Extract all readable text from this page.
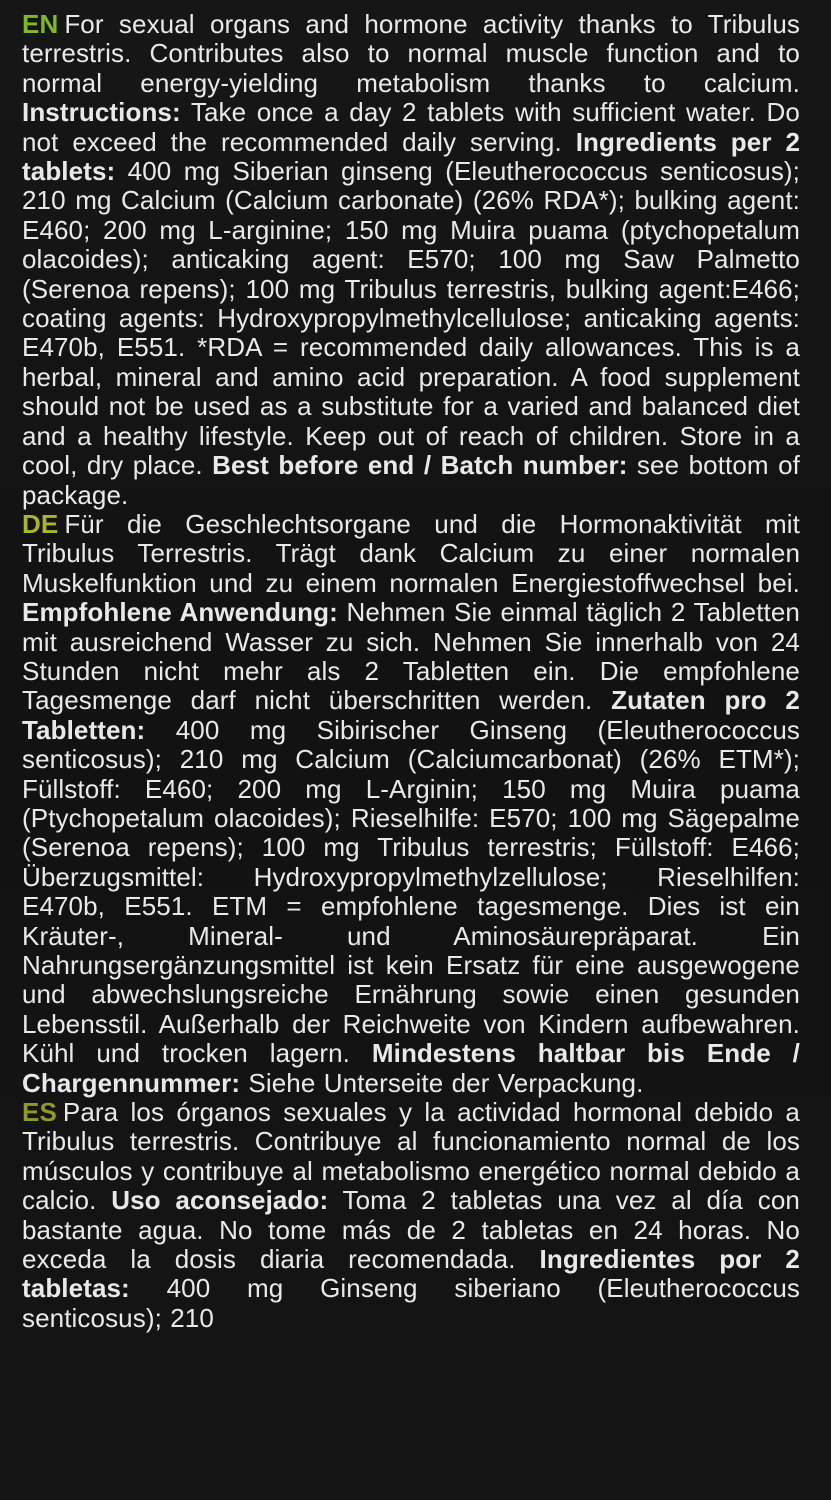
EN For sexual organs and hormone activity thanks to Tribulus terrestris. Contributes also to normal muscle function and to normal energy-yielding metabolism thanks to calcium. Instructions: Take once a day 2 tablets with sufficient water. Do not exceed the recommended daily serving. Ingredients per 2 tablets: 400 mg Siberian ginseng (Eleutherococcus senticosus); 210 mg Calcium (Calcium carbonate) (26% RDA*); bulking agent: E460; 200 mg L-arginine; 150 mg Muira puama (ptychopetalum olacoides); anticaking agent: E570; 100 mg Saw Palmetto (Serenoa repens); 100 mg Tribulus terrestris, bulking agent:E466; coating agents: Hydroxypropylmethylcellulose; anticaking agents: E470b, E551. *RDA = recommended daily allowances. This is a herbal, mineral and amino acid preparation. A food supplement should not be used as a substitute for a varied and balanced diet and a healthy lifestyle. Keep out of reach of children. Store in a cool, dry place. Best before end / Batch number: see bottom of package.

DE Für die Geschlechtsorgane und die Hormonaktivität mit Tribulus Terrestris. Trägt dank Calcium zu einer normalen Muskelfunktion und zu einem normalen Energiestoffwechsel bei. Empfohlene Anwendung: Nehmen Sie einmal täglich 2 Tabletten mit ausreichend Wasser zu sich. Nehmen Sie innerhalb von 24 Stunden nicht mehr als 2 Tabletten ein. Die empfohlene Tagesmenge darf nicht überschritten werden. Zutaten pro 2 Tabletten: 400 mg Sibirischer Ginseng (Eleutherococcus senticosus); 210 mg Calcium (Calciumcarbonat) (26% ETM*); Füllstoff: E460; 200 mg L-Arginin; 150 mg Muira puama (Ptychopetalum olacoides); Rieselhilfe: E570; 100 mg Sägepalme (Serenoa repens); 100 mg Tribulus terrestris; Füllstoff: E466; Überzugsmittel: Hydroxypropylmethylzellulose; Rieselhilfen: E470b, E551. ETM = empfohlene tagesmenge. Dies ist ein Kräuter-, Mineral- und Aminosäurepräparat. Ein Nahrungsergänzungsmittel ist kein Ersatz für eine ausgewogene und abwechslungsreiche Ernährung sowie einen gesunden Lebensstil. Außerhalb der Reichweite von Kindern aufbewahren. Kühl und trocken lagern. Mindestens haltbar bis Ende / Chargennummer: Siehe Unterseite der Verpackung.

ES Para los órganos sexuales y la actividad hormonal debido a Tribulus terrestris. Contribuye al funcionamiento normal de los músculos y contribuye al metabolismo energético normal debido a calcio. Uso aconsejado: Toma 2 tabletas una vez al día con bastante agua. No tome más de 2 tabletas en 24 horas. No exceda la dosis diaria recomendada. Ingredientes por 2 tabletas: 400 mg Ginseng siberiano (Eleutherococcus senticosus); 210
